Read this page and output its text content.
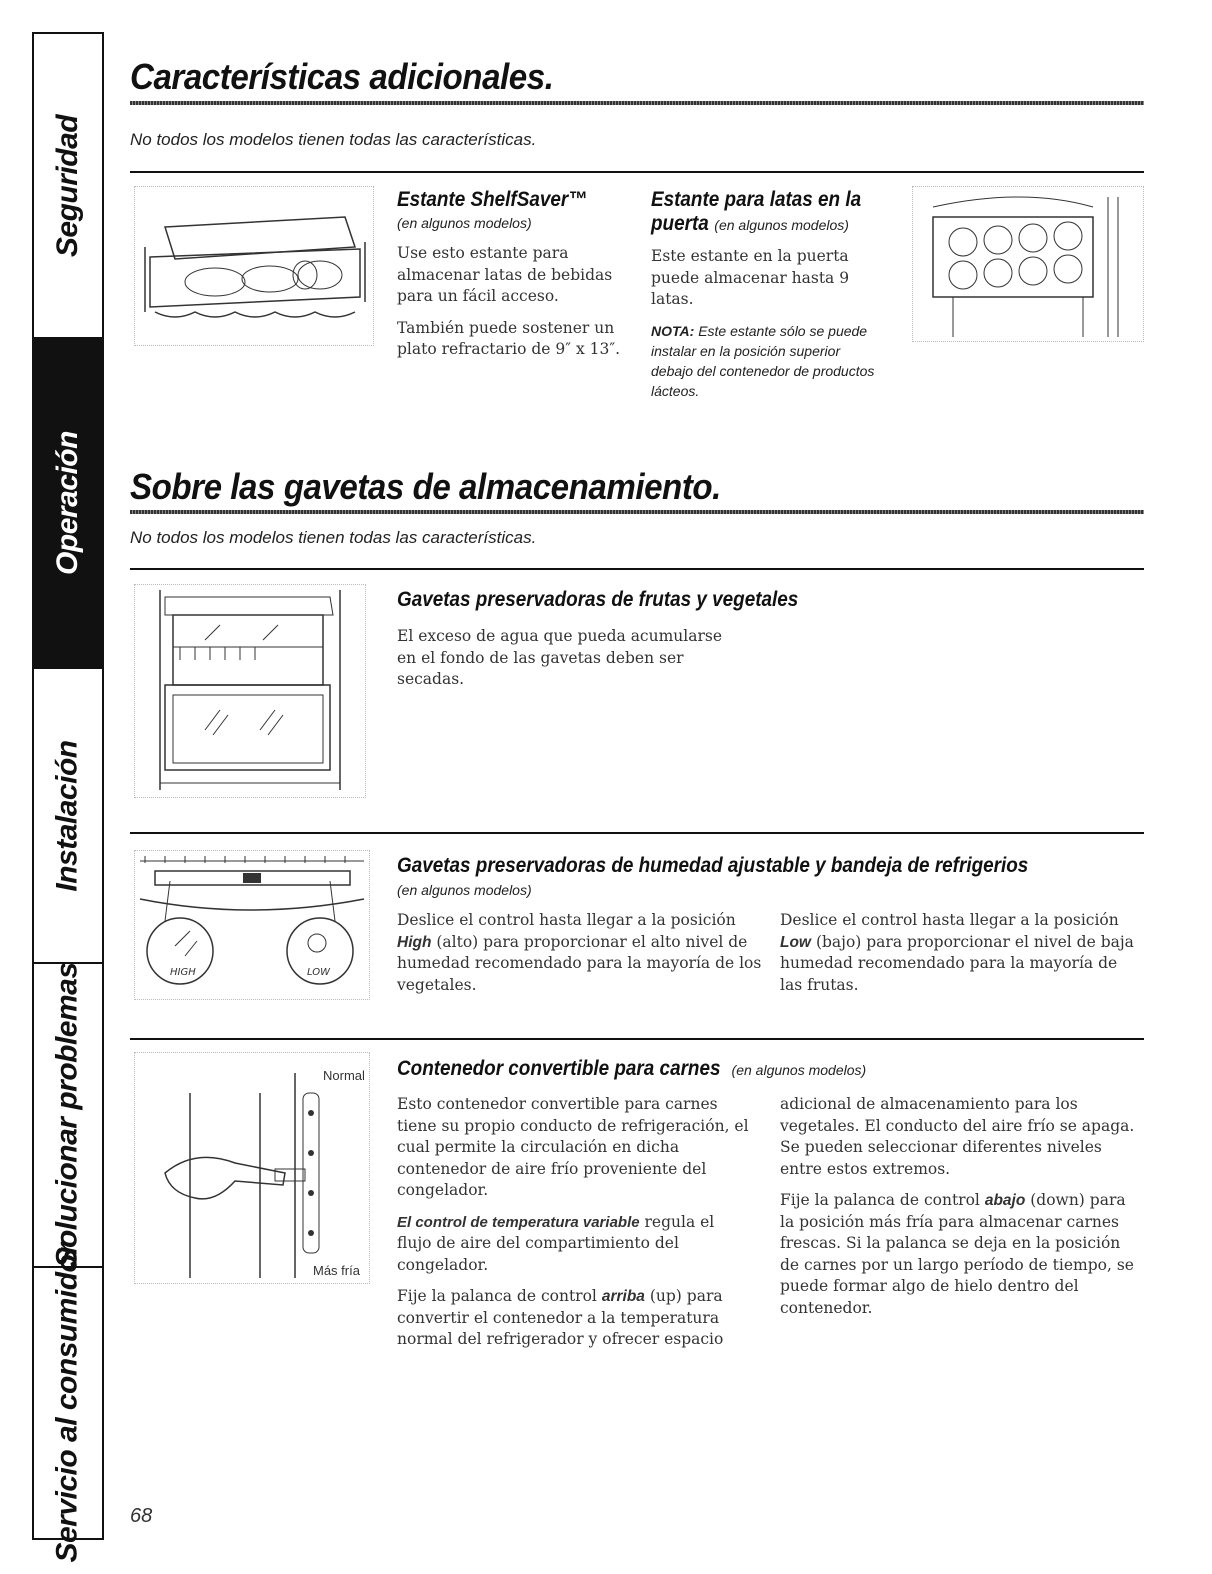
Seguridad
Operación
Instalación
Solucionar problemas
Servicio al consumidor
Características adicionales.
No todos los modelos tienen todas las características.
Estante ShelfSaver™
(en algunos modelos)

Use esto estante para almacenar latas de bebidas para un fácil acceso.

También puede sostener un plato refractario de 9″ x 13″.

Estante para latas en la
puerta (en algunos modelos)

Este estante en la puerta puede almacenar hasta 9 latas.

NOTA: Este estante sólo se puede instalar en la posición superior debajo del contenedor de productos lácteos.
Sobre las gavetas de almacenamiento.
No todos los modelos tienen todas las características.
Gavetas preservadoras de frutas y vegetales

El exceso de agua que pueda acumularse en el fondo de las gavetas deben ser secadas.

HIGH	LOW
Gavetas preservadoras de humedad ajustable y bandeja de refrigerios
(en algunos modelos)
Deslice el control hasta llegar a la posición High (alto) para proporcionar el alto nivel de humedad recomendado para la mayoría de los vegetales.
Deslice el control hasta llegar a la posición Low (bajo) para proporcionar el nivel de baja humedad recomendado para la mayoría de las frutas.
Normal
Más fría
Contenedor convertible para carnes (en algunos modelos)

Esto contenedor convertible para carnes tiene su propio conducto de refrigeración, el cual permite la circulación en dicha contenedor de aire frío proveniente del congelador.

El control de temperatura variable regula el flujo de aire del compartimiento del congelador.

Fije la palanca de control arriba (up) para convertir el contenedor a la temperatura normal del refrigerador y ofrecer espacio

adicional de almacenamiento para los vegetales. El conducto del aire frío se apaga. Se pueden seleccionar diferentes niveles entre estos extremos.

Fije la palanca de control abajo (down) para la posición más fría para almacenar carnes frescas. Si la palanca se deja en la posición de carnes por un largo período de tiempo, se puede formar algo de hielo dentro del contenedor.

68
